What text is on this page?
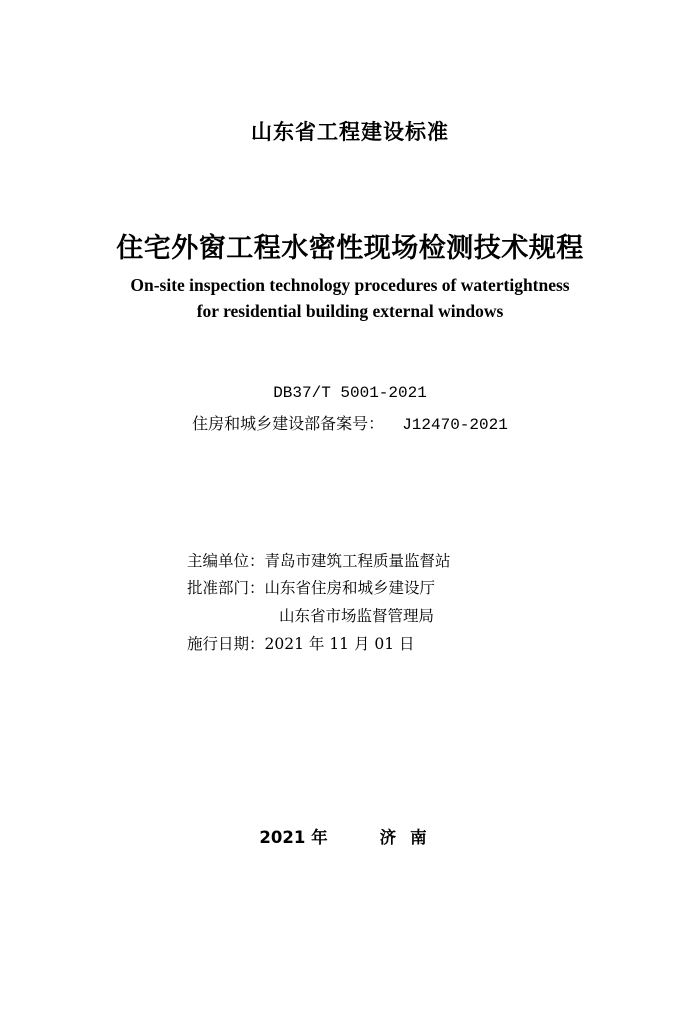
山东省工程建设标准
住宅外窗工程水密性现场检测技术规程
On-site inspection technology procedures of watertightness
for residential building external windows
DB37/T 5001-2021
住房和城乡建设部备案号： J12470-2021
主编单位：青岛市建筑工程质量监督站
批准部门：山东省住房和城乡建设厅
山东省市场监督管理局
施行日期：2021 年 11 月 01 日
2021 年	济南
